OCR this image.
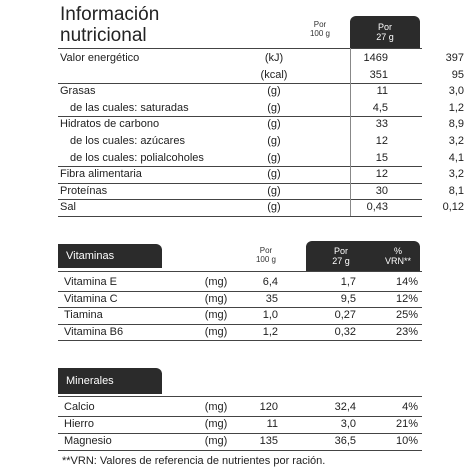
Información
nutricional
Por
100 g
Por
27 g
Valor energético	(kJ)	1469	397
(kcal)	351	95
Grasas	(g)	11	3,0
de las cuales: saturadas	(g)	4,5	1,2
Hidratos de carbono	(g)	33	8,9
de los cuales: azúcares	(g)	12	3,2
de los cuales: polialcoholes	(g)	15	4,1
Fibra alimentaria	(g)	12	3,2
Proteínas	(g)	30	8,1
Sal	(g)	0,43	0,12
Vitaminas	Por
100 g
Por
27 g
%
VRN**
Vitamina E	(mg)	6,4	1,7	14%
Vitamina C	(mg)	35	9,5	12%
Tiamina	(mg)	1,0	0,27	25%
Vitamina B6	(mg)	1,2	0,32	23%
Minerales
Calcio	(mg)	120	32,4	4%
Hierro	(mg)	11	3,0	21%
Magnesio	(mg)	135	36,5	10%
**VRN: Valores de referencia de nutrientes por ración.
